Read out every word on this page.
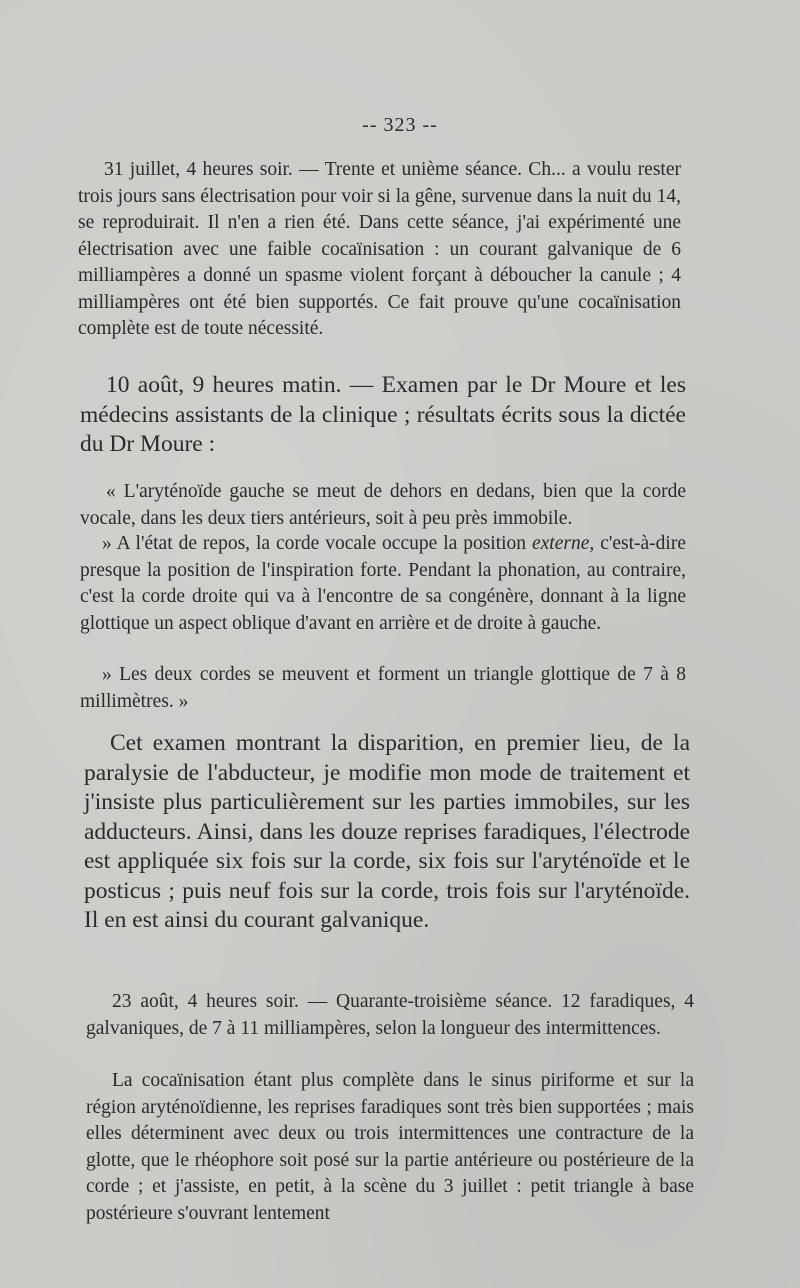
-- 323 --

31 juillet, 4 heures soir. — Trente et unième séance. Ch... a voulu rester trois jours sans électrisation pour voir si la gêne, survenue dans la nuit du 14, se reproduirait. Il n'en a rien été. Dans cette séance, j'ai expérimenté une électrisation avec une faible cocaïnisation : un courant galvanique de 6 milliampères a donné un spasme violent forçant à déboucher la canule ; 4 milliampères ont été bien supportés. Ce fait prouve qu'une cocaïnisation complète est de toute nécessité.

10 août, 9 heures matin. — Examen par le Dr Moure et les médecins assistants de la clinique ; résultats écrits sous la dictée du Dr Moure :

« L'aryténoïde gauche se meut de dehors en dedans, bien que la corde vocale, dans les deux tiers antérieurs, soit à peu près immobile.

» A l'état de repos, la corde vocale occupe la position externe, c'est-à-dire presque la position de l'inspiration forte. Pendant la phonation, au contraire, c'est la corde droite qui va à l'encontre de sa congénère, donnant à la ligne glottique un aspect oblique d'avant en arrière et de droite à gauche.

» Les deux cordes se meuvent et forment un triangle glottique de 7 à 8 millimètres. »

Cet examen montrant la disparition, en premier lieu, de la paralysie de l'abducteur, je modifie mon mode de traitement et j'insiste plus particulièrement sur les parties immobiles, sur les adducteurs. Ainsi, dans les douze reprises faradiques, l'électrode est appliquée six fois sur la corde, six fois sur l'aryténoïde et le posticus ; puis neuf fois sur la corde, trois fois sur l'aryténoïde. Il en est ainsi du courant galvanique.

23 août, 4 heures soir. — Quarante-troisième séance. 12 faradiques, 4 galvaniques, de 7 à 11 milliampères, selon la longueur des intermittences.

La cocaïnisation étant plus complète dans le sinus piriforme et sur la région aryténoïdienne, les reprises faradiques sont très bien supportées ; mais elles déterminent avec deux ou trois intermittences une contracture de la glotte, que le rhéophore soit posé sur la partie antérieure ou postérieure de la corde ; et j'assiste, en petit, à la scène du 3 juillet : petit triangle à base postérieure s'ouvrant lentement
